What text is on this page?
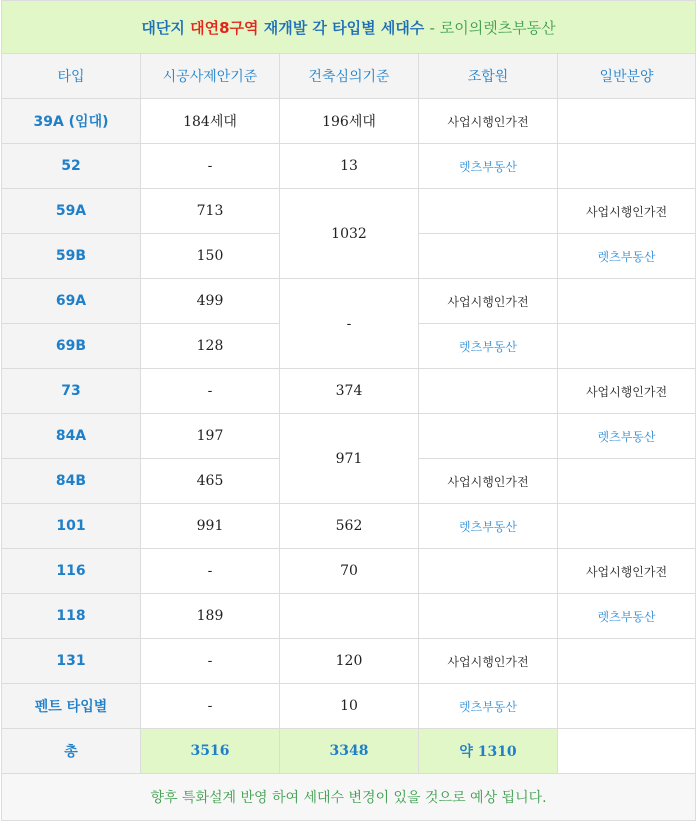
대단지 대연8구역 재개발 각 타입별 세대수 - 로이의렛츠부동산				
타입	시공사제안기준	건축심의기준	조합원	일반분양
39A (임대)	184세대	196세대	사업시행인가전	
52	-	13	렛츠부동산	
59A	713	1032		사업시행인가전
59B	150			렛츠부동산
69A	499	-	사업시행인가전	
69B	128		렛츠부동산	
73	-	374		사업시행인가전
84A	197	971		렛츠부동산
84B	465		사업시행인가전	
101	991	562	렛츠부동산	
116	-	70		사업시행인가전
118	189			렛츠부동산
131	-	120	사업시행인가전	
펜트 타입별	-	10	렛츠부동산	
총	3516	3348	약 1310	
향후 특화설계 반영 하여 세대수 변경이 있을 것으로 예상 됩니다.				
